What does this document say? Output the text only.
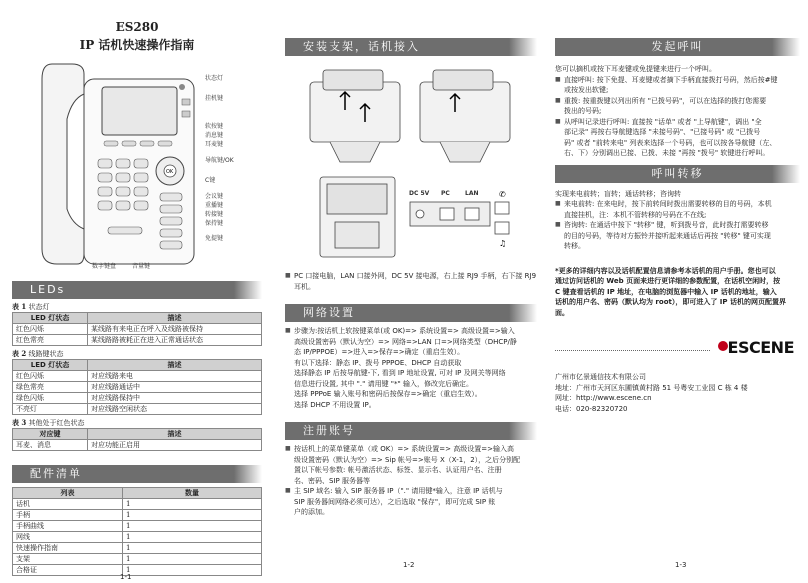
ES280
IP 话机快速操作指南
OK
状态灯
挂机键
软按键
消息键
耳麦键
导航键/OK
C键
会议键
重播键
转接键
保持键
免提键
数字键盘	音量键
LEDs
表 1 状态灯
LED 灯状态	描述
红色闪烁	某线路有来电正在呼入及线路被保持
红色常亮	某线路路被耗正在进入正常通话状态
表 2 线路键状态
LED 灯状态	描述
红色闪烁	对应线路来电
绿色常亮	对应线路通话中
绿色闪烁	对应线路保持中
不亮灯	对应线路空闲状态
表 3 其他处于红色状态
对应键	描述
耳麦、消息	对应功能正启用
配件清单
列表	数量
话机	1
手柄	1
手柄曲线	1
网线	1
快速操作指南	1
支架	1
合格证	1
1-1
安装支架，话机接入
✆
♫
DC 5V PC	LAN
■ PC 口接电脑，LAN 口接外网，DC 5V 接电源，右上接 RJ9 手柄，右下接 RJ9 耳机。
网络设置
■ 步骤为:按话机上软按键菜单(或 OK)=> 系统设置=> 高级设置=>输入
高级设置密码（默认为空）=> 网络=>LAN 口=>网络类型（DHCP/静
态 IP/PPPOE）=>进入=>保存=>确定（重启生效）。
有以下选择：静态 IP、拨号 PPPOE、DHCP 自动获取
选择静态 IP 后按导航键-下, 看到 IP 地址设置, 可对 IP 及网关等网络
信息进行设置, 其中 "." 请用键 "*" 输入，修改完后确定。
选择 PPPoE 输入账号和密码后按保存=>确定（重启生效）。
选择 DHCP 不用设置 IP。
注册账号
■ 按话机上的菜单键菜单（或 OK）=> 系统设置=> 高级设置=>输入高
级设置密码（默认为空）=> Sip 帐号=>账号 X（X-1，2），之后分别配
置以下帐号参数: 帐号激活状态、标签、显示名、认证用户名、注册
名、密码、SIP 服务器等
■ 主 SIP 域名: 输入 SIP 服务器 IP（"." 请用键*输入，注意 IP 话机与
SIP 服务器间网络必须可达），之后选取 "保存"，即可完成 SIP 账
户的添加。
1-2
发起呼叫
您可以摘机或按下耳麦键或免提键来进行一个呼叫。
■ 直接呼叫: 按下免提、耳麦键或者摘下手柄直接拨打号码，然后按#键
或按发出软键;
■ 重拨: 按重拨键以列出所有 "已拨号码"，可以在选择的拨打您需要
拨出的号码;
■ 从呼叫记录进行呼叫: 直接按 "话单" 或者 "上导航键"，调出 "全
部记录" 再按右导航键选择 "未接号码"、"已接号码" 或 "已拨号
码" 或者 "前转来电" 列表来选择一个号码，也可以按各导航键（左、
右、下）分别调出已接、已拨、未接 "再按 "拨号" 软键进行呼叫。
呼叫转移
实现来电前转；盲转；通话转移；咨询转
■ 来电前转: 在来电时，按下前转间时拨出需要转移的目的号码，本机
直接挂机，注：本机不管转移的号码在不在线;
■ 咨询转: 在通话中按下 "转移" 键，听到拨号音，此时拨打需要转移
的目的号码，等待对方振铃并接听起来通话后再按 "转移" 键可实现
转移。
*更多的详细内容以及话机配置信息请参考本话机的用户手册。您也可以
通过访问话机的 Web 页面来进行更详细的参数配置，在话机空闲时，按
C 键查看话机的 IP 地址，在电脑的浏览器中输入 IP 话机的地址，输入
话机的用户名、密码（默认均为 root），即可进入了 IP 话机的网页配置界
面。
ESCENE
广州市亿景通信技术有限公司
地址：广州市天河区东圃镇黄村路 51 号粤安工业园 C 栋 4 楼
网址：http://www.escene.cn
电话：020-82320720
1-3
